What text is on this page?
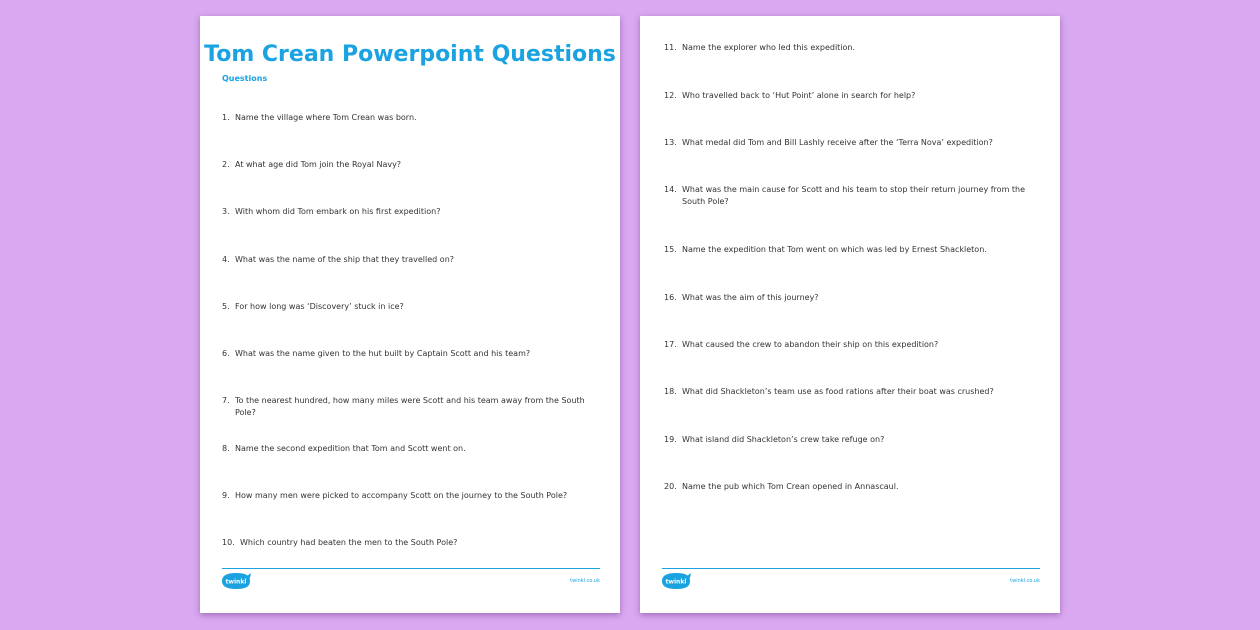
Tom Crean Powerpoint Questions
Questions
1. Name the village where Tom Crean was born.
2. At what age did Tom join the Royal Navy?
3. With whom did Tom embark on his first expedition?
4. What was the name of the ship that they travelled on?
5. For how long was ‘Discovery’ stuck in ice?
6. What was the name given to the hut built by Captain Scott and his team?
7. To the nearest hundred, how many miles were Scott and his team away from the South Pole?
8. Name the second expedition that Tom and Scott went on.
9. How many men were picked to accompany Scott on the journey to the South Pole?
10. Which country had beaten the men to the South Pole?
twinkl	twinkl.co.uk
11. Name the explorer who led this expedition.
12. Who travelled back to ‘Hut Point’ alone in search for help?
13. What medal did Tom and Bill Lashly receive after the ‘Terra Nova’ expedition?
14. What was the main cause for Scott and his team to stop their return journey from the South Pole?
15. Name the expedition that Tom went on which was led by Ernest Shackleton.
16. What was the aim of this journey?
17. What caused the crew to abandon their ship on this expedition?
18. What did Shackleton’s team use as food rations after their boat was crushed?
19. What island did Shackleton’s crew take refuge on?
20. Name the pub which Tom Crean opened in Annascaul.
twinkl	twinkl.co.uk
